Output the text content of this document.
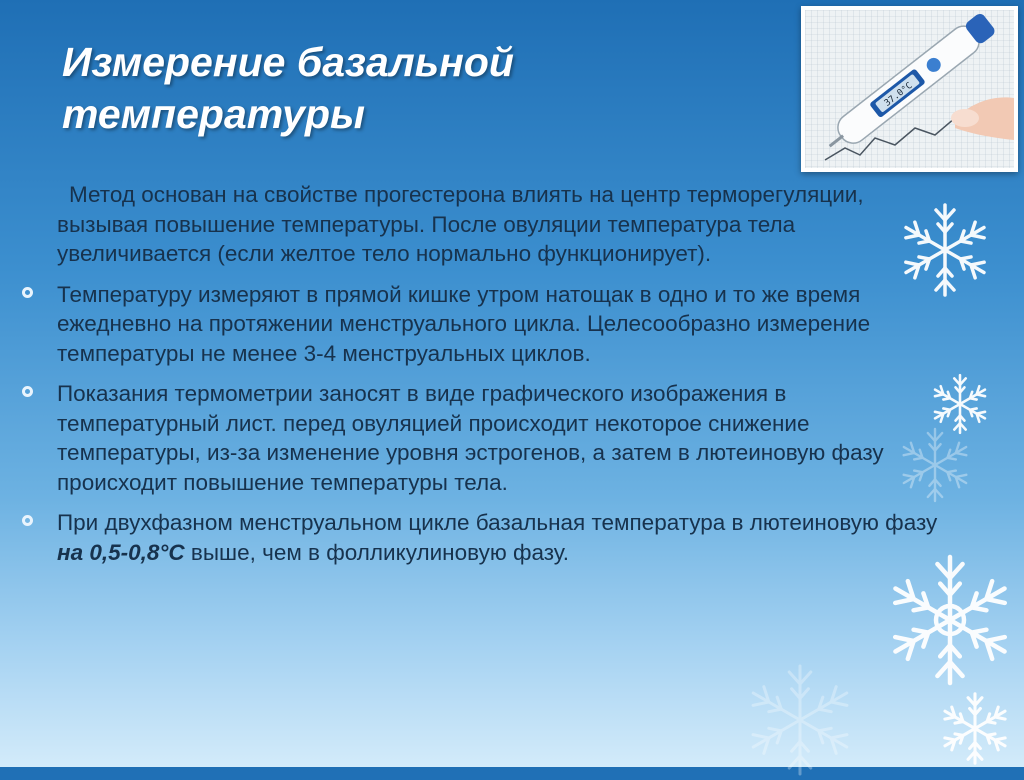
Измерение базальной
температуры	37.0°C

Метод основан на свойстве прогестерона влиять на центр терморегуляции, вызывая повышение температуры. После овуляции температура тела увеличивается (если желтое тело нормально функционирует).

Температуру измеряют в прямой кишке утром натощак в одно и то же время ежедневно на протяжении менструального цикла. Целесообразно измерение температуры не менее 3-4 менструальных циклов.

Показания термометрии заносят в виде графического изображения в температурный лист. перед овуляцией происходит некоторое снижение температуры, из-за изменение уровня эстрогенов, а затем в лютеиновую фазу происходит повышение температуры тела.

При двухфазном менструальном цикле базальная температура в лютеиновую фазу на 0,5-0,8°С выше, чем в фолликулиновую фазу.
